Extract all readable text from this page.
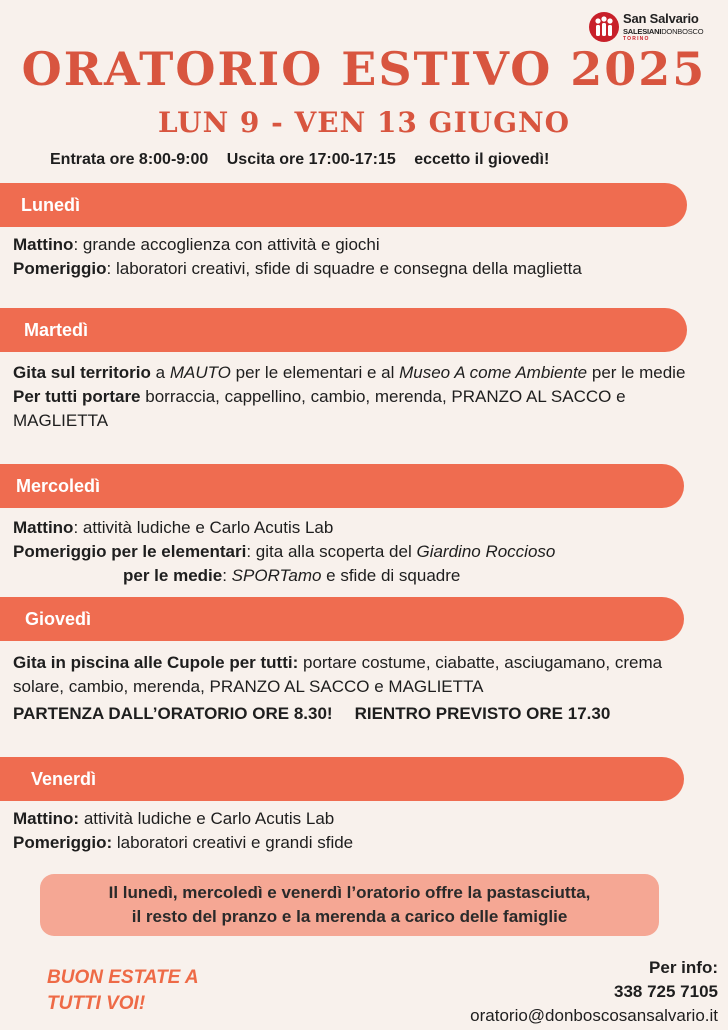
San Salvario
SALESIANIDONBOSCO
TORINO
ORATORIO ESTIVO 2025
LUN 9 - VEN 13 GIUGNO
Entrata ore 8:00-9:00 Uscita ore 17:00-17:15 eccetto il giovedì!
Lunedì

Mattino: grande accoglienza con attività e giochi

Pomeriggio: laboratori creativi, sfide di squadre e consegna della maglietta

Martedì

Gita sul territorio a MAUTO per le elementari e al Museo A come Ambiente per le medie

Per tutti portare borraccia, cappellino, cambio, merenda, PRANZO AL SACCO e MAGLIETTA

Mercoledì

Mattino: attività ludiche e Carlo Acutis Lab

Pomeriggio per le elementari: gita alla scoperta del Giardino Roccioso

per le medie: SPORTamo e sfide di squadre

Giovedì

Gita in piscina alle Cupole per tutti: portare costume, ciabatte, asciugamano, crema solare, cambio, merenda, PRANZO AL SACCO e MAGLIETTA

PARTENZA DALL’ORATORIO ORE 8.30! RIENTRO PREVISTO ORE 17.30

Venerdì

Mattino: attività ludiche e Carlo Acutis Lab

Pomeriggio: laboratori creativi e grandi sfide

Il lunedì, mercoledì e venerdì l’oratorio offre la pastasciutta,

il resto del pranzo e la merenda a carico delle famiglie

BUON ESTATE A

TUTTI VOI!

Per info:

338 725 7105

oratorio@donboscosansalvario.it
